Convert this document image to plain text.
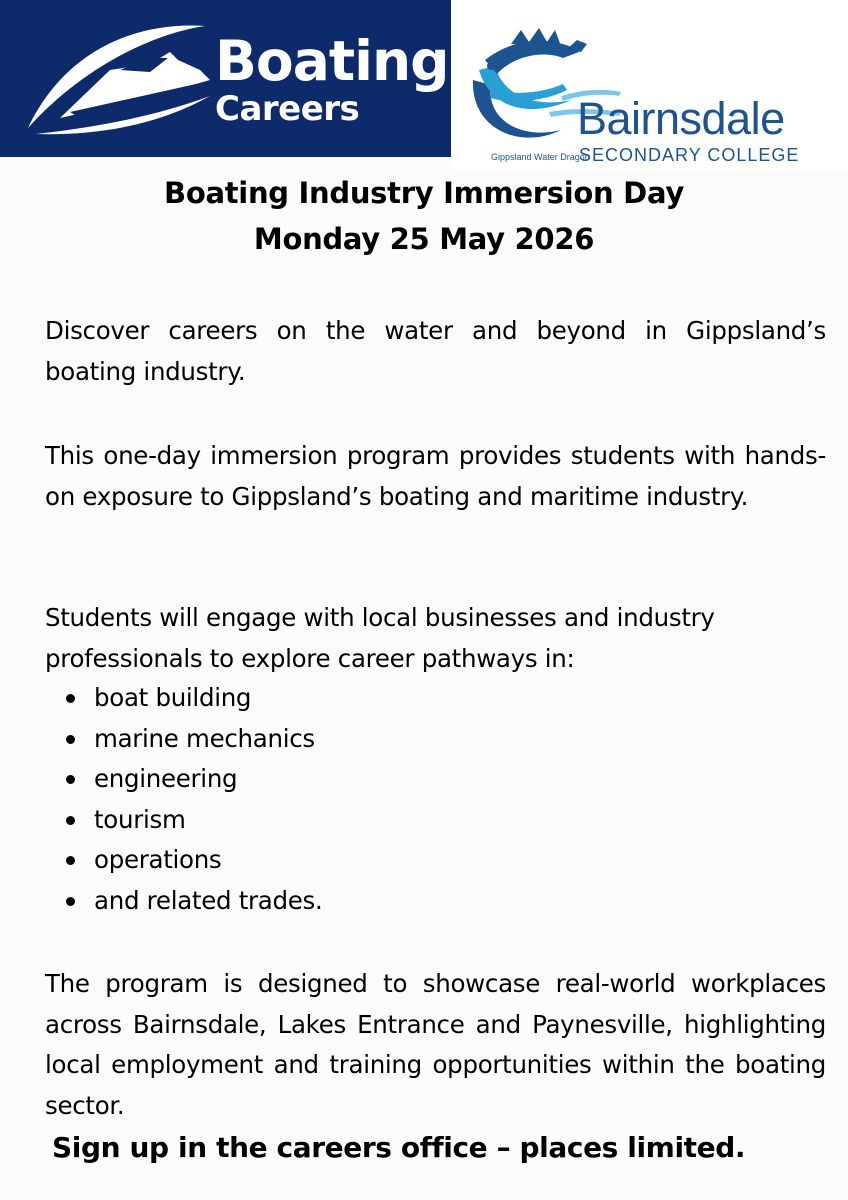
Boating
Careers
Gippsland Water Dragon
Bairnsdale
SECONDARY COLLEGE
Boating Industry Immersion Day
Monday 25 May 2026

Discover careers on the water and beyond in Gippsland’s boating industry.

This one-day immersion program provides students with hands-on exposure to Gippsland’s boating and maritime industry.

Students will engage with local businesses and industry professionals to explore career pathways in:

boat building
marine mechanics
engineering
tourism
operations
and related trades.

The program is designed to showcase real-world workplaces across Bairnsdale, Lakes Entrance and Paynesville, highlighting local employment and training opportunities within the boating sector.

Sign up in the careers office – places limited.
